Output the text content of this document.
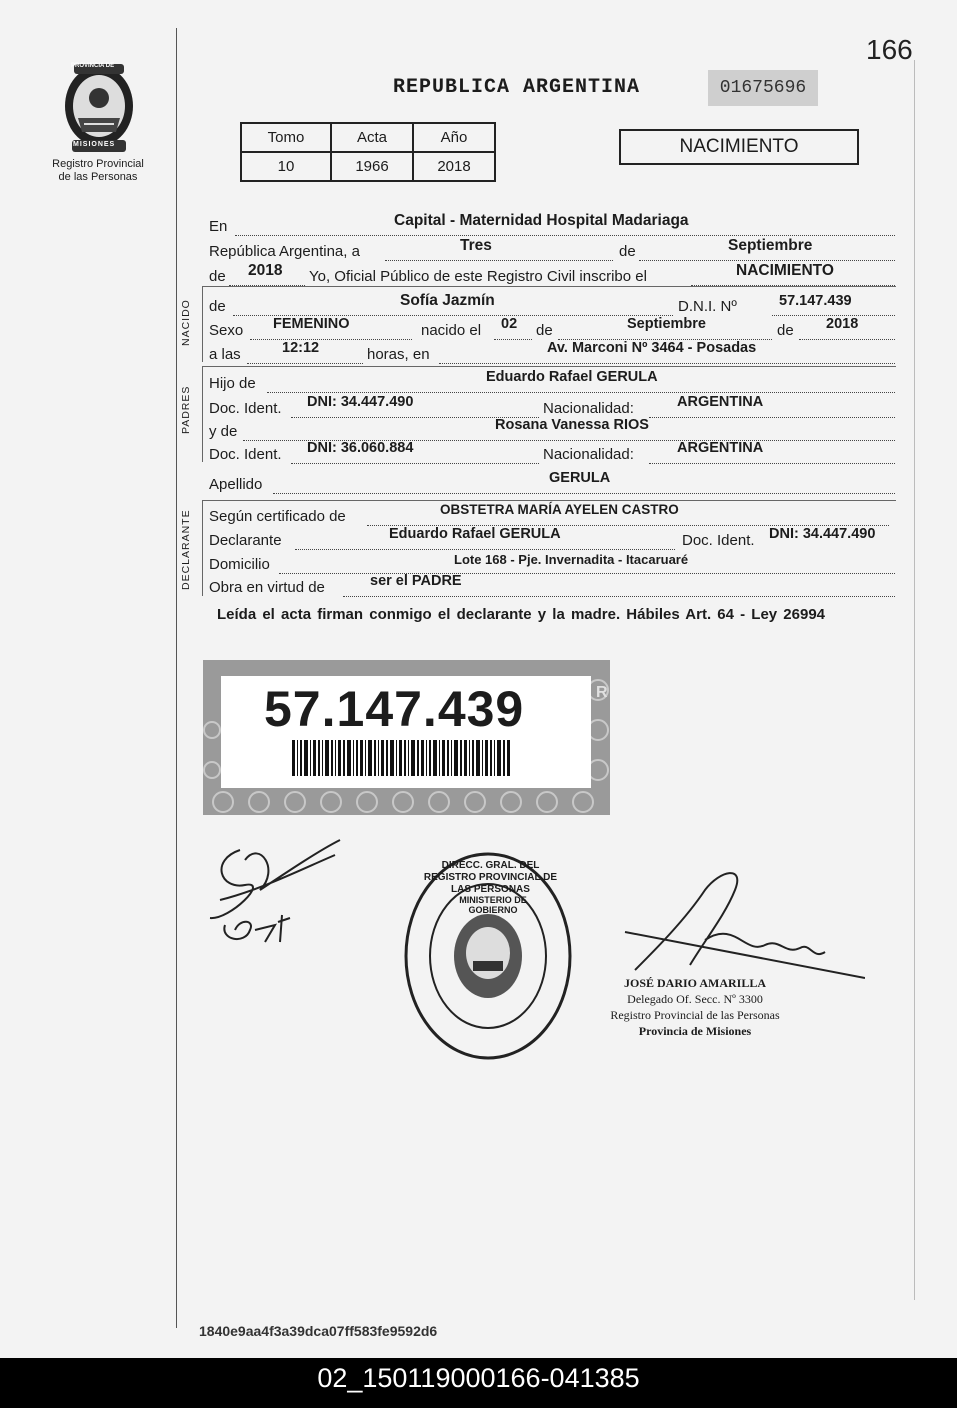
166
PROVINCIA DE
MISIONES
Registro Provincial
de las Personas
REPUBLICA ARGENTINA	01675696
Tomo	Acta	Año
10	1966	2018
NACIMIENTO
En	Capital - Maternidad Hospital Madariaga
República Argentina, a	Tres	de	Septiembre
de 2018 Yo, Oficial Público de este Registro Civil inscribo el	NACIMIENTO
NACIDO de	Sofía Jazmín	D.N.I. Nº	57.147.439
Sexo FEMENINO	nacido el 02 de	Septiembre	de 2018
a las	12:12	horas, en	Av. Marconi Nº 3464 - Posadas
PADRES
Hijo de	Eduardo Rafael GERULA
Doc. Ident. DNI: 34.447.490	Nacionalidad:	ARGENTINA
y de	Rosana Vanessa RIOS
Doc. Ident. DNI: 36.060.884	Nacionalidad:	ARGENTINA
Apellido	GERULA
DECLARANTE Según certificado de	OBSTETRA MARÍA AYELEN CASTRO
Declarante	Eduardo Rafael GERULA	Doc. Ident. DNI: 34.447.490
Domicilio	Lote 168 - Pje. Invernadita - Itacaruaré
Obra en virtud de	ser el PADRE
Leída el acta firman conmigo el declarante y la madre. Hábiles Art. 64 - Ley 26994
R
57.147.439
DIRECC. GRAL. DEL REGISTRO PROVINCIAL DE LAS PERSONAS
MINISTERIO DE GOBIERNO
JOSÉ DARIO AMARILLA
Delegado Of. Secc. Nº 3300
Registro Provincial de las Personas
Provincia de Misiones
1840e9aa4f3a39dca07ff583fe9592d6
02_150119000166-041385
